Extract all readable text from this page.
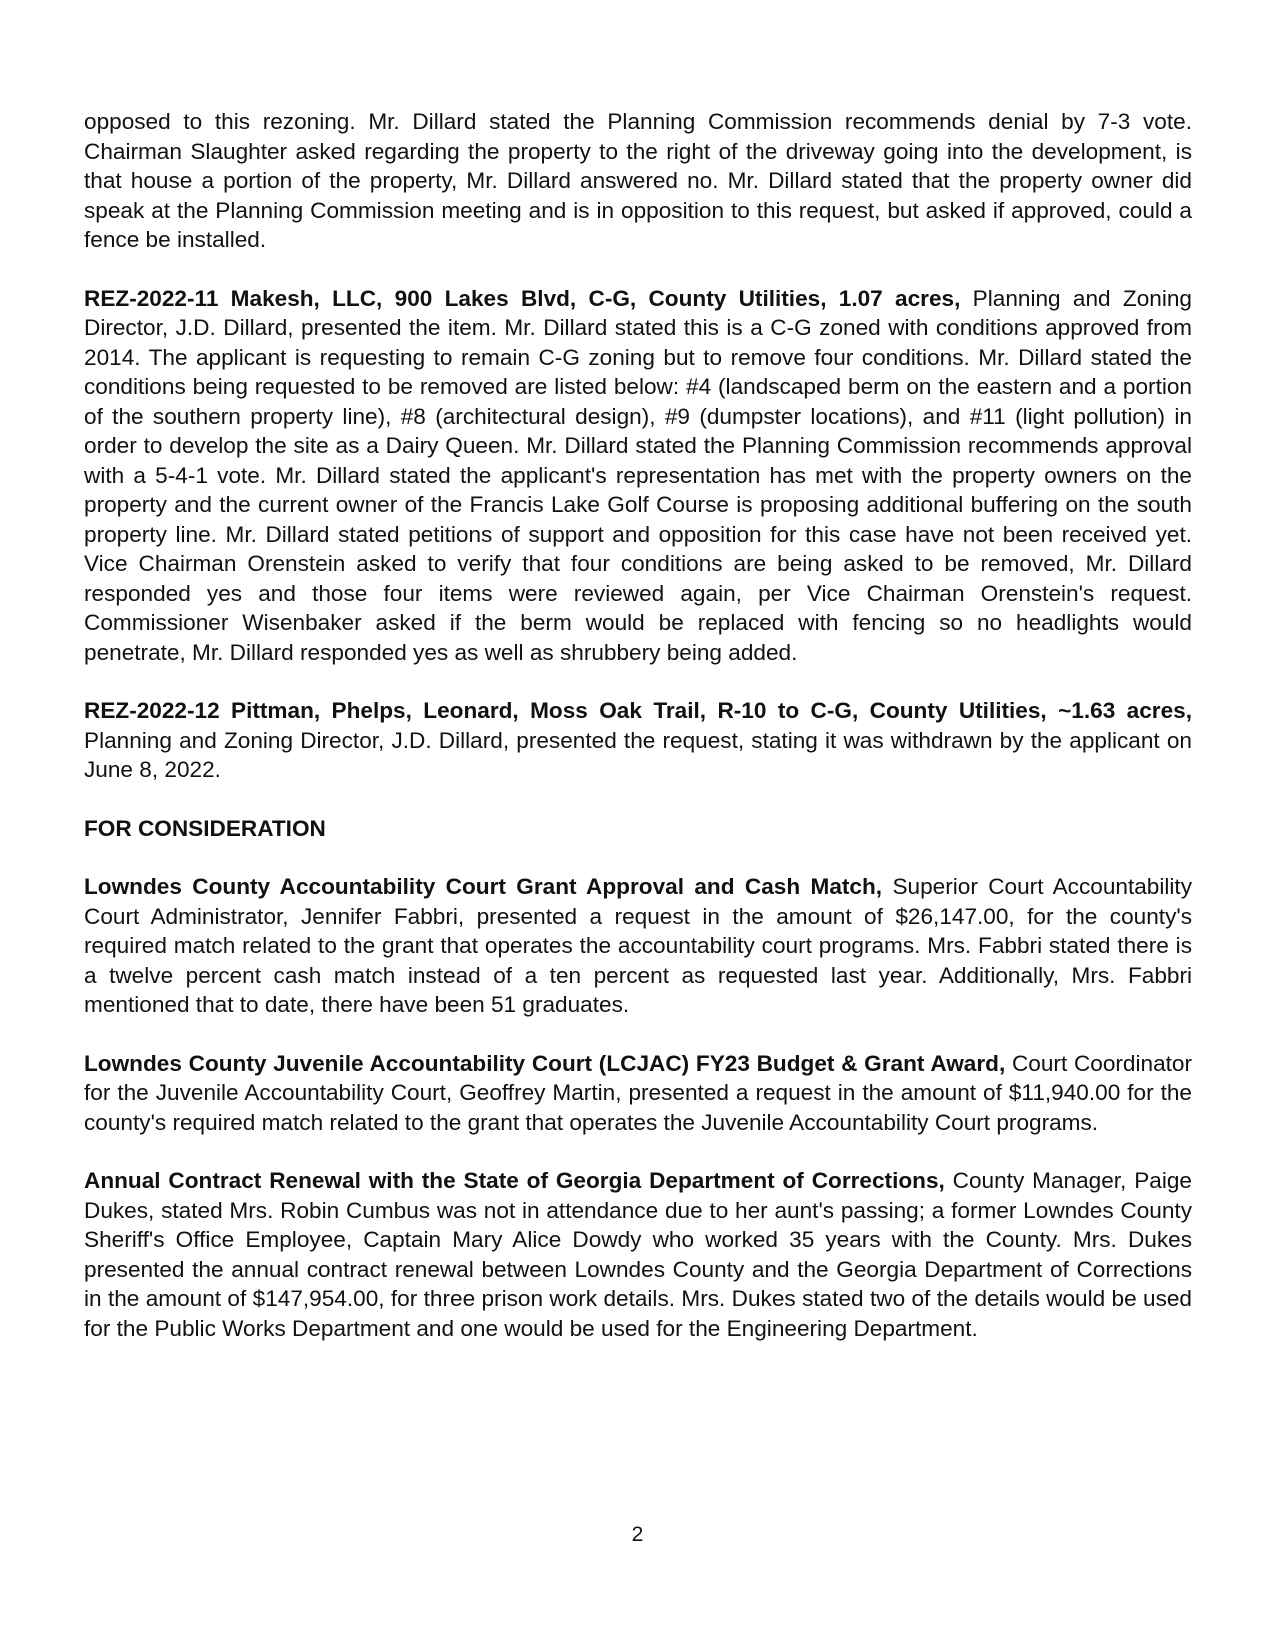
opposed to this rezoning. Mr. Dillard stated the Planning Commission recommends denial by 7-3 vote. Chairman Slaughter asked regarding the property to the right of the driveway going into the development, is that house a portion of the property, Mr. Dillard answered no. Mr. Dillard stated that the property owner did speak at the Planning Commission meeting and is in opposition to this request, but asked if approved, could a fence be installed.

REZ-2022-11 Makesh, LLC, 900 Lakes Blvd, C-G, County Utilities, 1.07 acres, Planning and Zoning Director, J.D. Dillard, presented the item. Mr. Dillard stated this is a C-G zoned with conditions approved from 2014. The applicant is requesting to remain C-G zoning but to remove four conditions. Mr. Dillard stated the conditions being requested to be removed are listed below: #4 (landscaped berm on the eastern and a portion of the southern property line), #8 (architectural design), #9 (dumpster locations), and #11 (light pollution) in order to develop the site as a Dairy Queen. Mr. Dillard stated the Planning Commission recommends approval with a 5-4-1 vote. Mr. Dillard stated the applicant's representation has met with the property owners on the property and the current owner of the Francis Lake Golf Course is proposing additional buffering on the south property line. Mr. Dillard stated petitions of support and opposition for this case have not been received yet. Vice Chairman Orenstein asked to verify that four conditions are being asked to be removed, Mr. Dillard responded yes and those four items were reviewed again, per Vice Chairman Orenstein's request. Commissioner Wisenbaker asked if the berm would be replaced with fencing so no headlights would penetrate, Mr. Dillard responded yes as well as shrubbery being added.

REZ-2022-12 Pittman, Phelps, Leonard, Moss Oak Trail, R-10 to C-G, County Utilities, ~1.63 acres, Planning and Zoning Director, J.D. Dillard, presented the request, stating it was withdrawn by the applicant on June 8, 2022.

FOR CONSIDERATION

Lowndes County Accountability Court Grant Approval and Cash Match, Superior Court Accountability Court Administrator, Jennifer Fabbri, presented a request in the amount of $26,147.00, for the county's required match related to the grant that operates the accountability court programs. Mrs. Fabbri stated there is a twelve percent cash match instead of a ten percent as requested last year. Additionally, Mrs. Fabbri mentioned that to date, there have been 51 graduates.

Lowndes County Juvenile Accountability Court (LCJAC) FY23 Budget & Grant Award, Court Coordinator for the Juvenile Accountability Court, Geoffrey Martin, presented a request in the amount of $11,940.00 for the county's required match related to the grant that operates the Juvenile Accountability Court programs.

Annual Contract Renewal with the State of Georgia Department of Corrections, County Manager, Paige Dukes, stated Mrs. Robin Cumbus was not in attendance due to her aunt's passing; a former Lowndes County Sheriff's Office Employee, Captain Mary Alice Dowdy who worked 35 years with the County. Mrs. Dukes presented the annual contract renewal between Lowndes County and the Georgia Department of Corrections in the amount of $147,954.00, for three prison work details. Mrs. Dukes stated two of the details would be used for the Public Works Department and one would be used for the Engineering Department.

2
